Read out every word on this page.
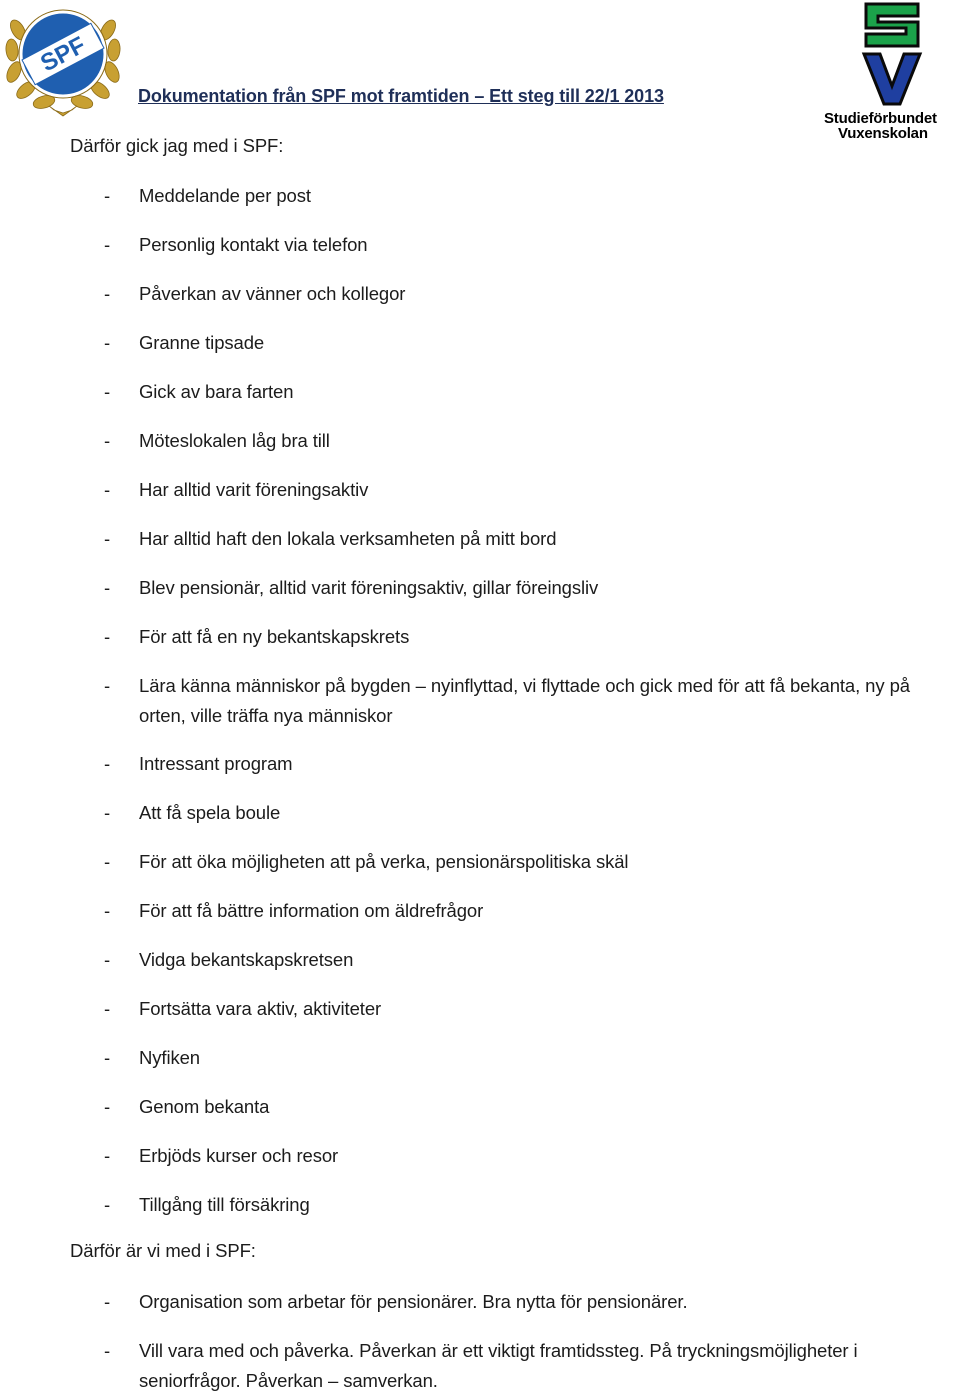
SPF
Studieförbundet
Vuxenskolan
Dokumentation från SPF mot framtiden – Ett steg till 22/1 2013
Därför gick jag med i SPF:
- Meddelande per post
- Personlig kontakt via telefon
- Påverkan av vänner och kollegor
- Granne tipsade
- Gick av bara farten
- Möteslokalen låg bra till
- Har alltid varit föreningsaktiv
- Har alltid haft den lokala verksamheten på mitt bord
- Blev pensionär, alltid varit föreningsaktiv, gillar föreingsliv
- För att få en ny bekantskapskrets
- Lära känna människor på bygden – nyinflyttad, vi flyttade och gick med för att få bekanta, ny på orten, ville träffa nya människor
- Intressant program
- Att få spela boule
- För att öka möjligheten att på verka, pensionärspolitiska skäl
- För att få bättre information om äldrefrågor
- Vidga bekantskapskretsen
- Fortsätta vara aktiv, aktiviteter
- Nyfiken
- Genom bekanta
- Erbjöds kurser och resor
- Tillgång till försäkring
Därför är vi med i SPF:
- Organisation som arbetar för pensionärer. Bra nytta för pensionärer.
- Vill vara med och påverka. Påverkan är ett viktigt framtidssteg. På tryckningsmöjligheter i seniorfrågor. Påverkan – samverkan.
